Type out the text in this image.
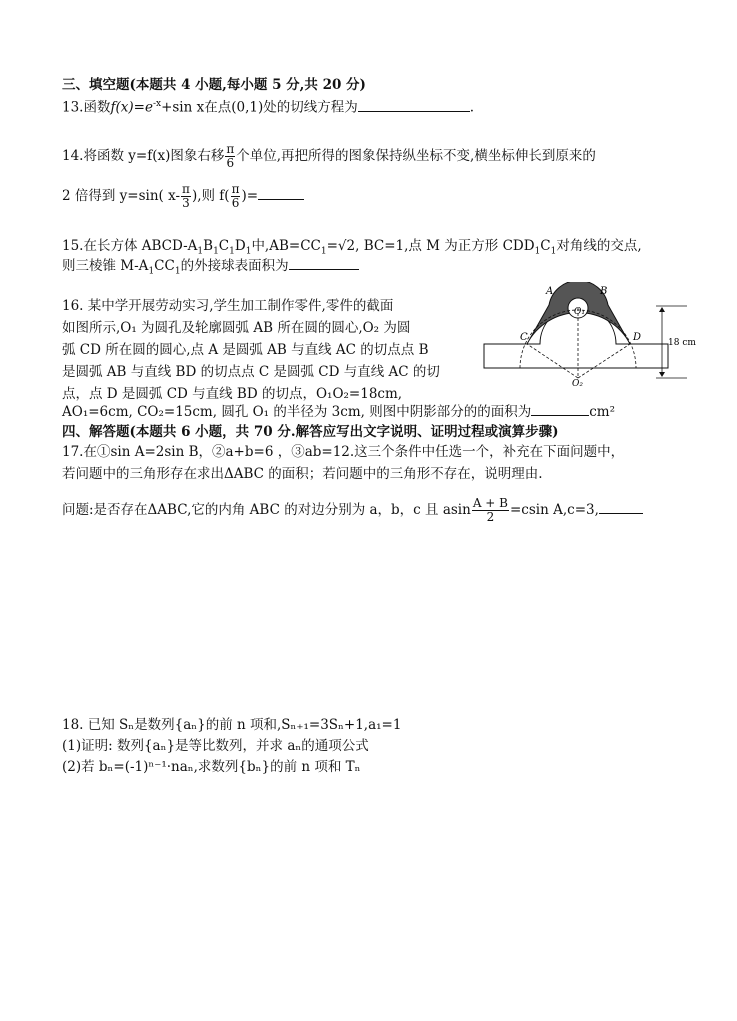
三、填空题(本题共 4 小题,每小题 5 分,共 20 分)
13.函数$f(x)=e^{-x}+\sin$ x在点(0,1)处的切线方程为	.
14.将函数 y=f(x)图象右移 $\frac{\pi}{6}$ 个单位,再把所得的图象保持纵坐标不变,横坐标伸长到原来的
2 倍得到 y=sin( $x- \frac{\pi}{3}$ ),则 $f( \frac{\pi}{6}$ )=
15.在长方体 ABCD-$A_1B_1C_1D_1$中$,AB=CC_1=√2$, BC=1,点 M 为正方形 $CDD_1C_1$对角线的交点,
则三棱锥 $M-A_1CC_1$的外接球表面积为
16. 某中学开展劳动实习,学生加工制作零件,零件的截面
如图所示,O₁ 为圆孔及轮廓圆弧 AB 所在圆的圆心,O₂ 为圆
弧 CD 所在圆的圆心,点 A 是圆弧 AB 与直线 AC 的切点点 B
是圆弧 AB 与直线 BD 的切点点 C 是圆弧 CD 与直线 AC 的切
点，点 D 是圆弧 CD 与直线 BD 的切点，O₁O₂=18cm,
AO₁=6cm, CO₂=15cm, 圆孔 O₁ 的半径为 3cm, 则图中阴影部分的的面积为	cm²
A	B
C	D
O₁
O₂
18 cm
四、解答题(本题共 6 小题，共 70 分.解答应写出文字说明、证明过程或演算步骤)
17.在①sin A=2sin B，②a+b=6 ，③ab=12.这三个条件中任选一个，补充在下面问题中，
若问题中的三角形存在求出ΔABC 的面积；若问题中的三角形不存在，说明理由.
问题:是否存在ΔABC,它的内角 ABC 的对边分别为 a，b，c 且 asin $\frac{A + B}{2} =csin$ A,c=3,
18. 已知 Sₙ是数列{aₙ}的前 n 项和,Sₙ₊₁=3Sₙ+1,a₁=1
(1)证明: 数列{aₙ}是等比数列，并求 aₙ的通项公式
(2)若 bₙ=(-1)ⁿ⁻¹·naₙ,求数列{bₙ}的前 n 项和 Tₙ
